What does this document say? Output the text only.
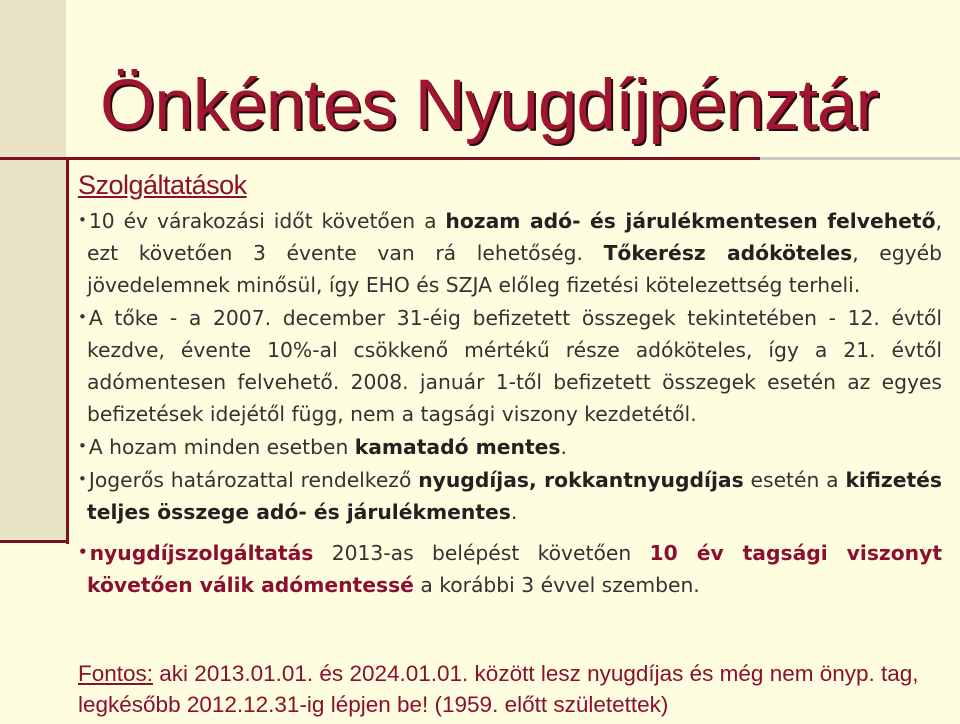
Önkéntes Nyugdíjpénztár
Szolgáltatások

•10 év várakozási időt követően a hozam adó- és járulékmentesen felvehető, ezt követően 3 évente van rá lehetőség. Tőkerész adóköteles, egyéb jövedelemnek minősül, így EHO és SZJA előleg fizetési kötelezettség terheli.

•A tőke - a 2007. december 31-éig befizetett összegek tekintetében - 12. évtől kezdve, évente 10%-al csökkenő mértékű része adóköteles, így a 21. évtől adómentesen felvehető. 2008. január 1-től befizetett összegek esetén az egyes befizetések idejétől függ, nem a tagsági viszony kezdetétől.

•A hozam minden esetben kamatadó mentes.

•Jogerős határozattal rendelkező nyugdíjas, rokkantnyugdíjas esetén a kifizetés teljes összege adó- és járulékmentes.

•nyugdíjszolgáltatás 2013-as belépést követően 10 év tagsági viszonyt követően válik adómentessé a korábbi 3 évvel szemben.

Fontos: aki 2013.01.01. és 2024.01.01. között lesz nyugdíjas és még nem önyp. tag, legkésőbb 2012.12.31-ig lépjen be! (1959. előtt születettek)
